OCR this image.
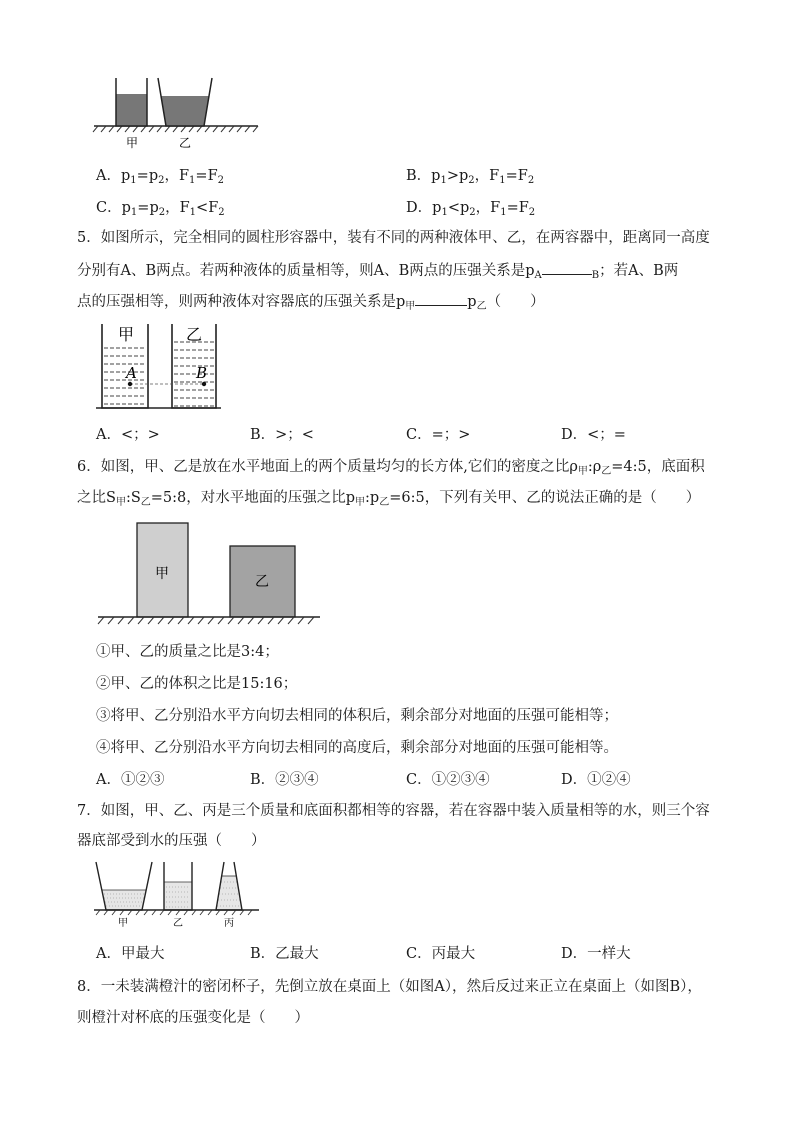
甲	乙
A．$p_1=p_2$，$F_1=F_2$	B．$p_1>p_2$，$F_1=F_2$
C．$p_1=p_2$，$F_1<F_2$	D．$p_1<p_2$，$F_1=F_2$
5．如图所示，完全相同的圆柱形容器中，装有不同的两种液体甲、乙，在两容器中，距离同一高度
分别有A、B两点。若两种液体的质量相等，则A、B两点的压强关系是$p_A$	$_B$；若A、B两
点的压强相等，则两种液体对容器底的压强关系是$p_甲$	$p_乙$（　　）
甲	乙
A	B
A．<；>	B．>；<	C．=；>	D．<；=
6．如图，甲、乙是放在水平地面上的两个质量均匀的长方体,它们的密度之比$\rho_甲:\rho_乙=4:5$，底面积
之比$S_甲:S_乙=5:8$，对水平地面的压强之比$p_甲:p_乙=6:5$，下列有关甲、乙的说法正确的是（　　）
甲	乙
①甲、乙的质量之比是3:4；
②甲、乙的体积之比是15:16；
③将甲、乙分别沿水平方向切去相同的体积后，剩余部分对地面的压强可能相等；
④将甲、乙分别沿水平方向切去相同的高度后，剩余部分对地面的压强可能相等。
A．①②③	B．②③④	C．①②③④	D．①②④
7．如图，甲、乙、丙是三个质量和底面积都相等的容器，若在容器中装入质量相等的水，则三个容
器底部受到水的压强（　　）
甲	乙	丙
A．甲最大	B．乙最大	C．丙最大	D．一样大
8．一未装满橙汁的密闭杯子，先倒立放在桌面上（如图A），然后反过来正立在桌面上（如图B），
则橙汁对杯底的压强变化是（　　）
